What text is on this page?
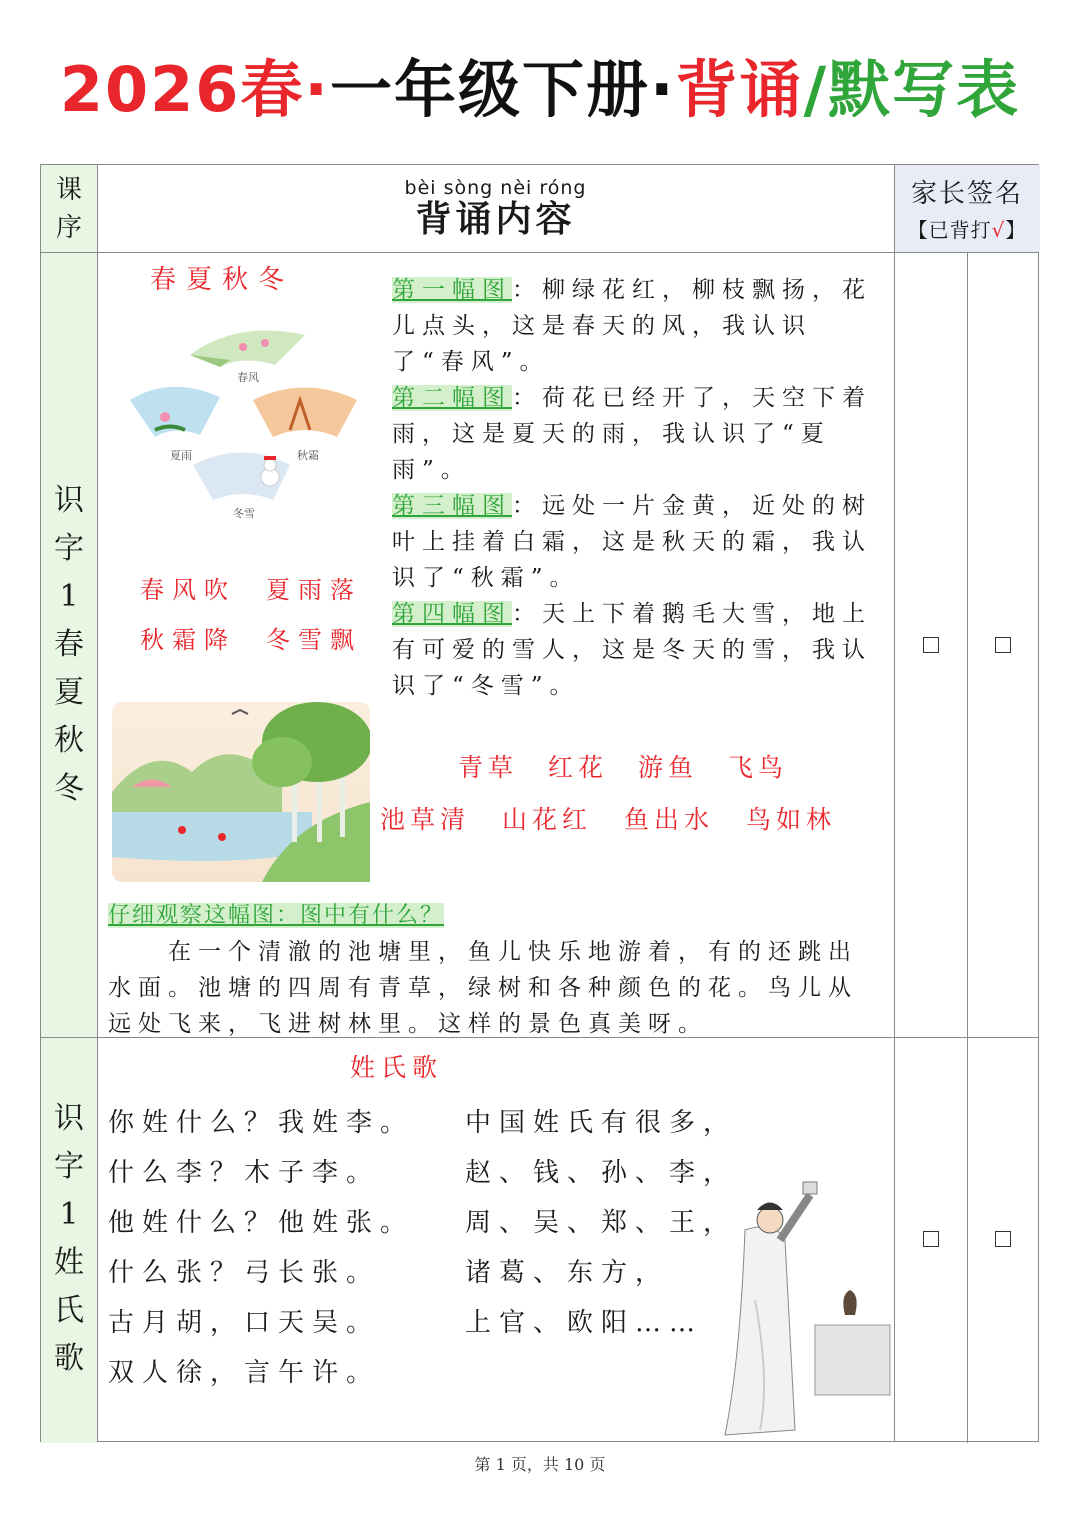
2026春·一年级下册·背诵/默写表
课
序
bèi sòng nèi róng
背诵内容
家长签名
【已背打√】
识
字
1
春
夏
秋
冬
识
字
1
姓
氏
歌
春夏秋冬
春风
夏雨	秋霜
冬雪
春风吹 夏雨落
秋霜降 冬雪飘

第一幅图：柳绿花红，柳枝飘扬，花儿点头，这是春天的风，我认识了“春风”。

第二幅图：荷花已经开了，天空下着雨，这是夏天的雨，我认识了“夏雨”。

第三幅图：远处一片金黄，近处的树叶上挂着白霜，这是秋天的霜，我认识了“秋霜”。

第四幅图：天上下着鹅毛大雪，地上有可爱的雪人，这是冬天的雪，我认识了“冬雪”。

青草 红花 游鱼 飞鸟
池草清 山花红 鱼出水 鸟如林
仔细观察这幅图：图中有什么？
在一个清澈的池塘里，鱼儿快乐地游着，有的还跳出水面。池塘的四周有青草，绿树和各种颜色的花。鸟儿从远处飞来，飞进树林里。这样的景色真美呀。
姓氏歌
你姓什么？我姓李。
什么李？木子李。
他姓什么？他姓张。
什么张？弓长张。
古月胡，口天吴。
双人徐，言午许。
中国姓氏有很多，
赵、钱、孙、李，
周、吴、郑、王，
诸葛、东方，
上官、欧阳……
第 1 页，共 10 页
